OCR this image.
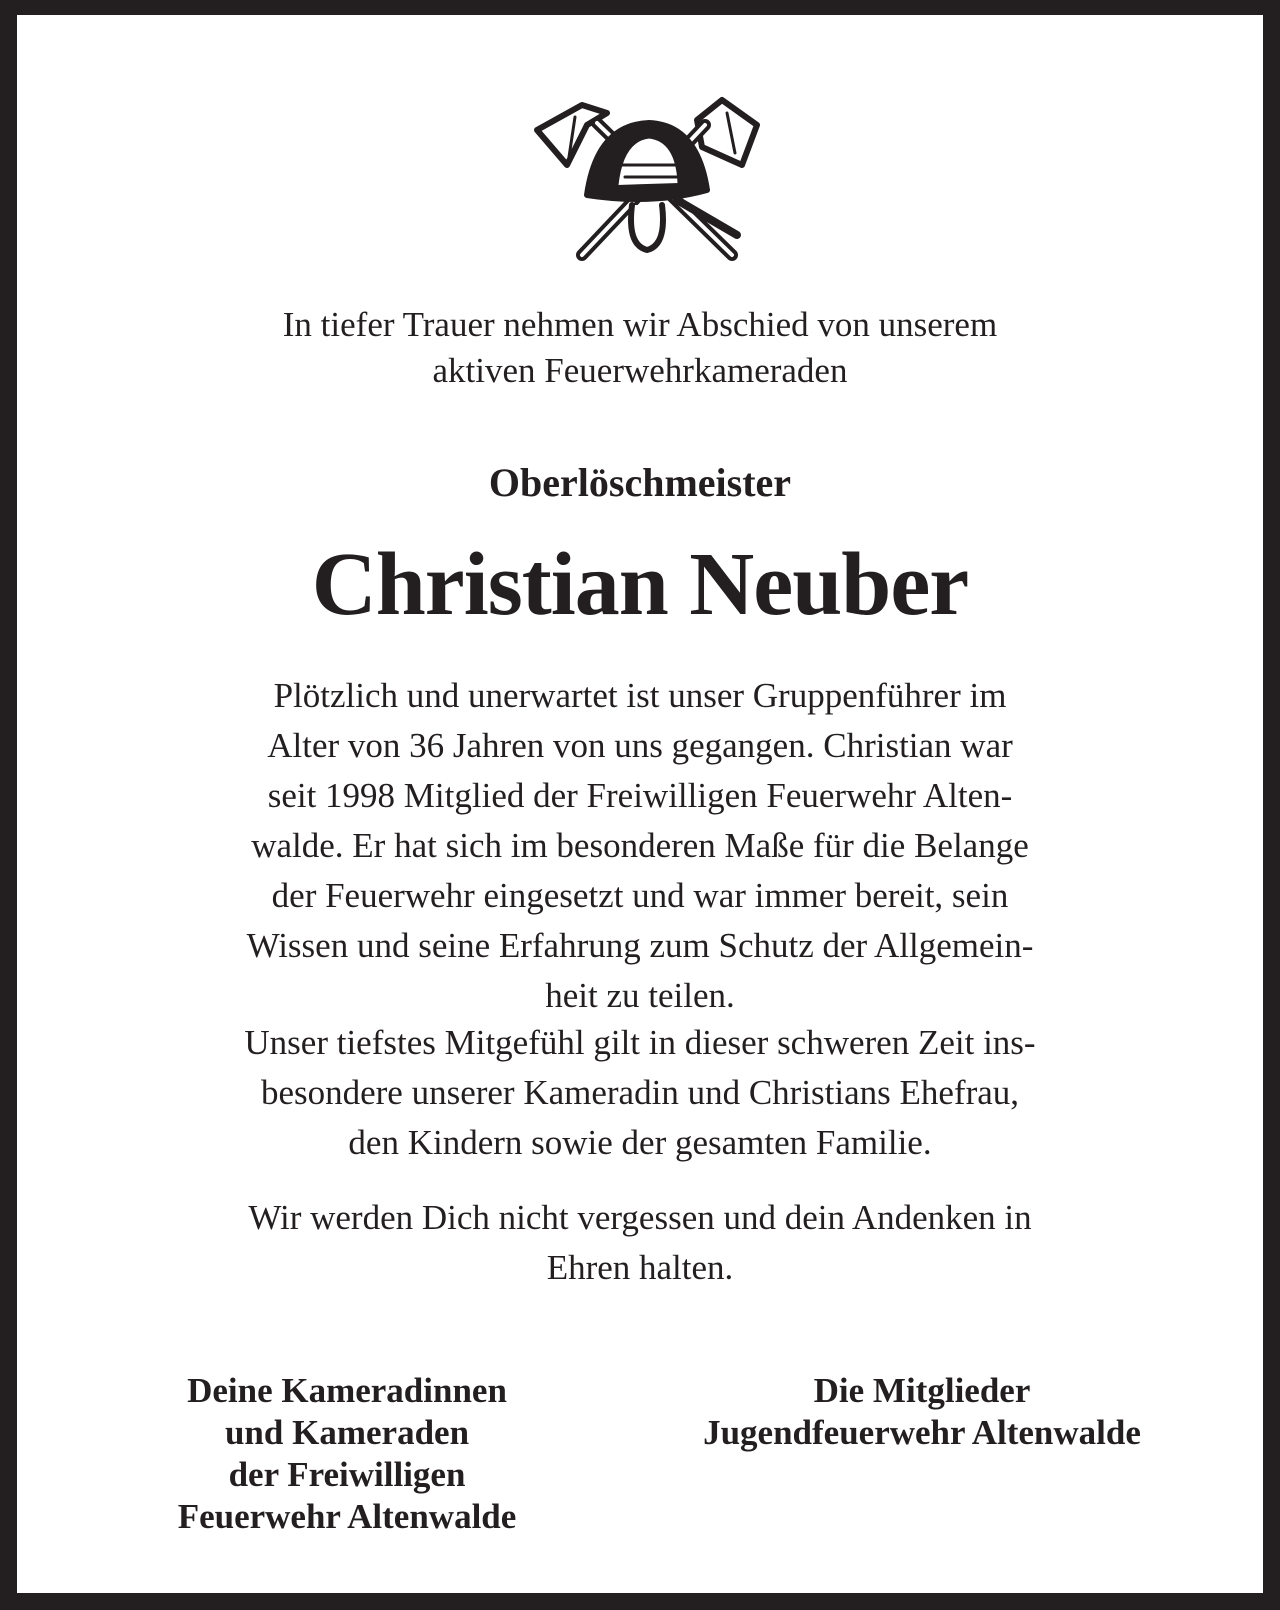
In tiefer Trauer nehmen wir Abschied von unserem
aktiven Feuerwehrkameraden
Oberlöschmeister
Christian Neuber
Plötzlich und unerwartet ist unser Gruppenführer im
Alter von 36 Jahren von uns gegangen. Christian war
seit 1998 Mitglied der Freiwilligen Feuerwehr Alten-
walde. Er hat sich im besonderen Maße für die Belange
der Feuerwehr eingesetzt und war immer bereit, sein
Wissen und seine Erfahrung zum Schutz der Allgemein-
heit zu teilen.
Unser tiefstes Mitgefühl gilt in dieser schweren Zeit ins-
besondere unserer Kameradin und Christians Ehefrau,
den Kindern sowie der gesamten Familie.
Wir werden Dich nicht vergessen und dein Andenken in
Ehren halten.
Deine Kameradinnen
und Kameraden
der Freiwilligen
Feuerwehr Altenwalde
Die Mitglieder
Jugendfeuerwehr Altenwalde
